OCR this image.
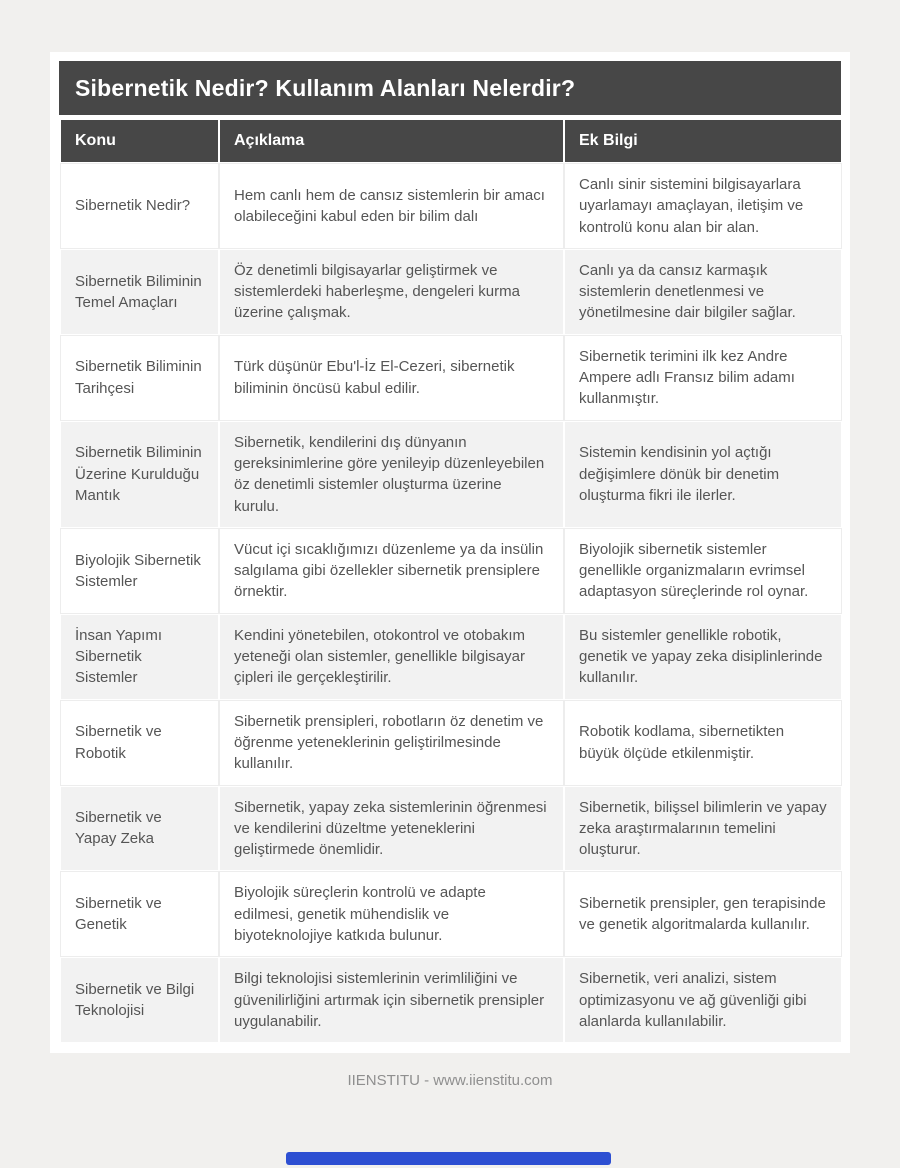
Sibernetik Nedir? Kullanım Alanları Nelerdir?
Konu	Açıklama	Ek Bilgi
Sibernetik Nedir?	Hem canlı hem de cansız sistemlerin bir amacı olabileceğini kabul eden bir bilim dalı	Canlı sinir sistemini bilgisayarlara uyarlamayı amaçlayan, iletişim ve kontrolü konu alan bir alan.
Sibernetik Biliminin Temel Amaçları	Öz denetimli bilgisayarlar geliştirmek ve sistemlerdeki haberleşme, dengeleri kurma üzerine çalışmak.	Canlı ya da cansız karmaşık sistemlerin denetlenmesi ve yönetilmesine dair bilgiler sağlar.
Sibernetik Biliminin Tarihçesi	Türk düşünür Ebu'l-İz El-Cezeri, sibernetik biliminin öncüsü kabul edilir.	Sibernetik terimini ilk kez Andre Ampere adlı Fransız bilim adamı kullanmıştır.
Sibernetik Biliminin Üzerine Kurulduğu Mantık	Sibernetik, kendilerini dış dünyanın gereksinimlerine göre yenileyip düzenleyebilen öz denetimli sistemler oluşturma üzerine kurulu.	Sistemin kendisinin yol açtığı değişimlere dönük bir denetim oluşturma fikri ile ilerler.
Biyolojik Sibernetik Sistemler	Vücut içi sıcaklığımızı düzenleme ya da insülin salgılama gibi özellekler sibernetik prensiplere örnektir.	Biyolojik sibernetik sistemler genellikle organizmaların evrimsel adaptasyon süreçlerinde rol oynar.
İnsan Yapımı Sibernetik Sistemler	Kendini yönetebilen, otokontrol ve otobakım yeteneği olan sistemler, genellikle bilgisayar çipleri ile gerçekleştirilir.	Bu sistemler genellikle robotik, genetik ve yapay zeka disiplinlerinde kullanılır.
Sibernetik ve Robotik	Sibernetik prensipleri, robotların öz denetim ve öğrenme yeteneklerinin geliştirilmesinde kullanılır.	Robotik kodlama, sibernetikten büyük ölçüde etkilenmiştir.
Sibernetik ve Yapay Zeka	Sibernetik, yapay zeka sistemlerinin öğrenmesi ve kendilerini düzeltme yeteneklerini geliştirmede önemlidir.	Sibernetik, bilişsel bilimlerin ve yapay zeka araştırmalarının temelini oluşturur.
Sibernetik ve Genetik	Biyolojik süreçlerin kontrolü ve adapte edilmesi, genetik mühendislik ve biyoteknolojiye katkıda bulunur.	Sibernetik prensipler, gen terapisinde ve genetik algoritmalarda kullanılır.
Sibernetik ve Bilgi Teknolojisi	Bilgi teknolojisi sistemlerinin verimliliğini ve güvenilirliğini artırmak için sibernetik prensipler uygulanabilir.	Sibernetik, veri analizi, sistem optimizasyonu ve ağ güvenliği gibi alanlarda kullanılabilir.
IIENSTITU - www.iienstitu.com
